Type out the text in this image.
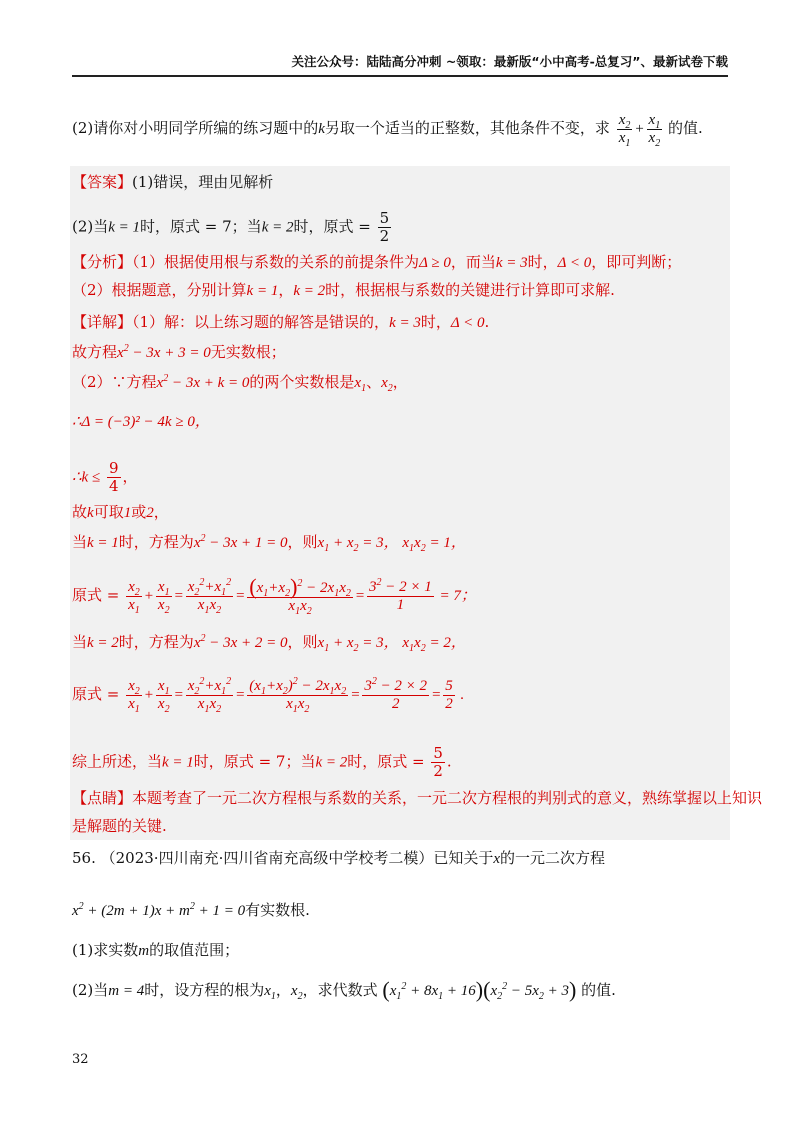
关注公众号：陆陆高分冲刺 ~领取：最新版“小中高考-总复习”、最新试卷下载
(2)请你对小明同学所编的练习题中的k另取一个适当的正整数，其他条件不变，求 $\frac{x_2}{x_1} + \frac{x_1}{x_2}$ 的值.
【答案】(1)错误，理由见解析
(2)当k = 1时，原式 = 7；当k = 2时，原式 = $\frac{5}{2}$
【分析】（1）根据使用根与系数的关系的前提条件为Δ ≥ 0，而当k = 3时，Δ < 0，即可判断；
（2）根据题意，分别计算k = 1，k = 2时，根据根与系数的关键进行计算即可求解.
【详解】（1）解：以上练习题的解答是错误的，k = 3时，Δ < 0.
故方程$x^2 - 3x + 3 = 0$无实数根；
（2）∵方程$x^2 - 3x + k = 0$的两个实数根是$x_1$、$x_2$，
∴Δ = (−3)² − 4k ≥ 0，
∴k ≤ $\frac{9}{4}$ ，
故k可取1或2，
当k = 1时，方程为$x^2 - 3x + 1 = 0$，则$x_1 + x_2 = 3$， $x_1x_2 = 1$，
原式 = $\frac{x_2}{x_1} + \frac{x_1}{x_2} = \frac{x_2^2+x_1^2}{x_1x_2} = \frac{(x_1+x_2)^2 - 2x_1x_2}{x_1x_2} = \frac{3^2 - 2 \times 1}{1} = 7$；
当k = 2时，方程为$x^2 - 3x + 2 = 0$，则$x_1 + x_2 = 3$， $x_1x_2 = 2$，
原式 = $\frac{x_2}{x_1} + \frac{x_1}{x_2} = \frac{x_2^2+x_1^2}{x_1x_2} = \frac{(x_1+x_2)^2 - 2x_1x_2}{x_1x_2} = \frac{3^2 - 2 \times 2}{2} = \frac{5}{2}$ .
综上所述，当k = 1时，原式 = 7；当k = 2时，原式 = $\frac{5}{2}$ .
【点睛】本题考查了一元二次方程根与系数的关系，一元二次方程根的判别式的意义，熟练掌握以上知识
是解题的关键.
56. （2023·四川南充·四川省南充高级中学校考二模）已知关于x的一元二次方程
$x^2 + (2m + 1)x + m^2 + 1 = 0$有实数根.
(1)求实数m的取值范围；
(2)当m = 4时，设方程的根为$x_1$，$x_2$，求代数式 $(x_1^2 + 8x_1 + 16)(x_2^2 - 5x_2 + 3)$ 的值.
32
